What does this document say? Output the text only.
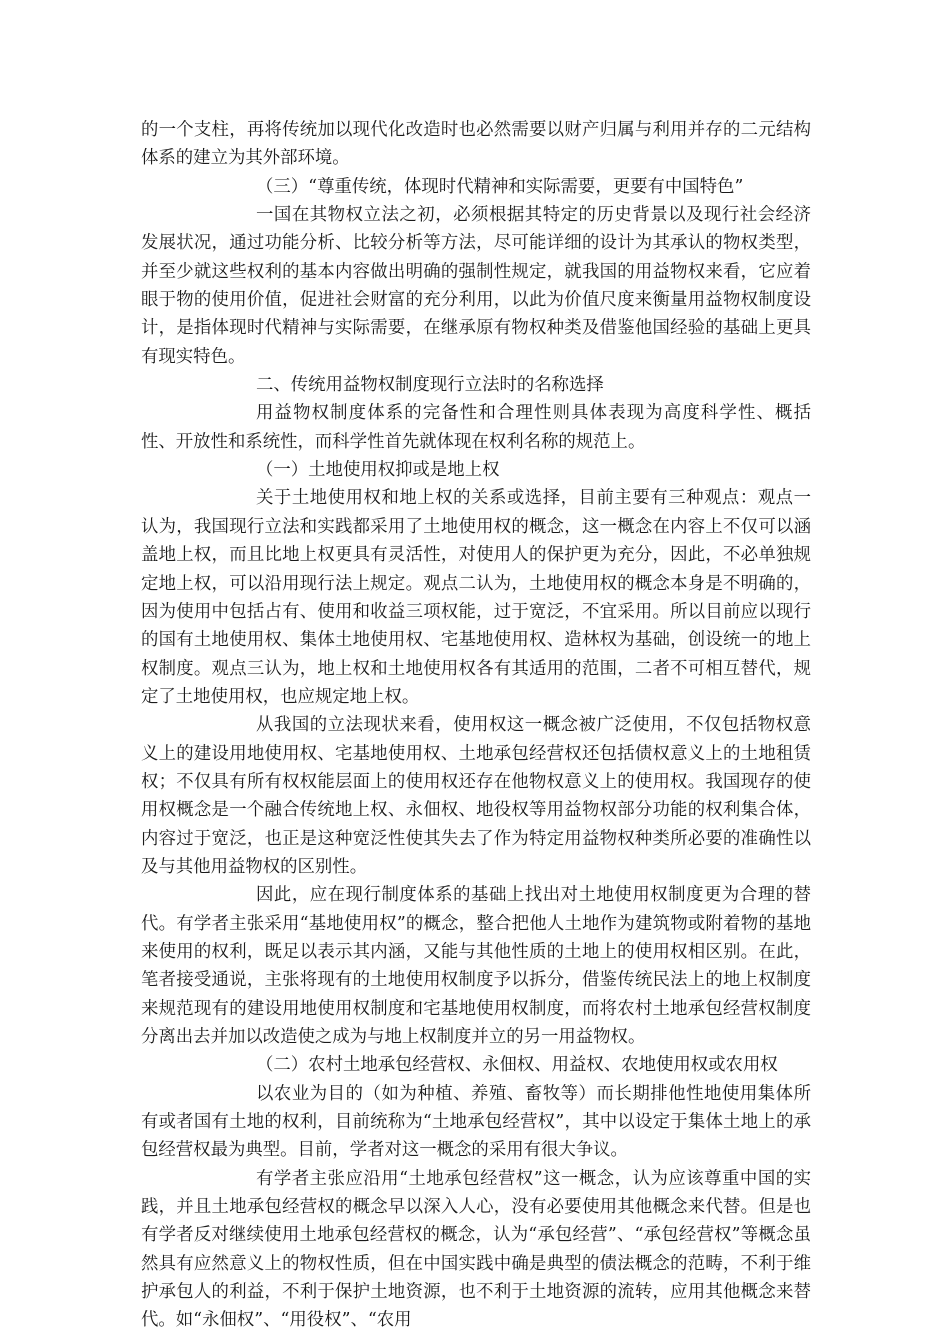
的一个支柱，再将传统加以现代化改造时也必然需要以财产归属与利用并存的二元结构体系的建立为其外部环境。

（三）“尊重传统，体现时代精神和实际需要，更要有中国特色”

一国在其物权立法之初，必须根据其特定的历史背景以及现行社会经济发展状况，通过功能分析、比较分析等方法，尽可能详细的设计为其承认的物权类型，并至少就这些权利的基本内容做出明确的强制性规定，就我国的用益物权来看，它应着眼于物的使用价值，促进社会财富的充分利用，以此为价值尺度来衡量用益物权制度设计，是指体现时代精神与实际需要，在继承原有物权种类及借鉴他国经验的基础上更具有现实特色。

二、传统用益物权制度现行立法时的名称选择

用益物权制度体系的完备性和合理性则具体表现为高度科学性、概括性、开放性和系统性，而科学性首先就体现在权利名称的规范上。

（一）土地使用权抑或是地上权

关于土地使用权和地上权的关系或选择，目前主要有三种观点：观点一认为，我国现行立法和实践都采用了土地使用权的概念，这一概念在内容上不仅可以涵盖地上权，而且比地上权更具有灵活性，对使用人的保护更为充分，因此，不必单独规定地上权，可以沿用现行法上规定。观点二认为，土地使用权的概念本身是不明确的，因为使用中包括占有、使用和收益三项权能，过于宽泛，不宜采用。所以目前应以现行的国有土地使用权、集体土地使用权、宅基地使用权、造林权为基础，创设统一的地上权制度。观点三认为，地上权和土地使用权各有其适用的范围，二者不可相互替代，规定了土地使用权，也应规定地上权。

从我国的立法现状来看，使用权这一概念被广泛使用，不仅包括物权意义上的建设用地使用权、宅基地使用权、土地承包经营权还包括债权意义上的土地租赁权；不仅具有所有权权能层面上的使用权还存在他物权意义上的使用权。我国现存的使用权概念是一个融合传统地上权、永佃权、地役权等用益物权部分功能的权利集合体，内容过于宽泛，也正是这种宽泛性使其失去了作为特定用益物权种类所必要的准确性以及与其他用益物权的区别性。

因此，应在现行制度体系的基础上找出对土地使用权制度更为合理的替代。有学者主张采用“基地使用权”的概念，整合把他人土地作为建筑物或附着物的基地来使用的权利，既足以表示其内涵，又能与其他性质的土地上的使用权相区别。在此，笔者接受通说，主张将现有的土地使用权制度予以拆分，借鉴传统民法上的地上权制度来规范现有的建设用地使用权制度和宅基地使用权制度，而将农村土地承包经营权制度分离出去并加以改造使之成为与地上权制度并立的另一用益物权。

（二）农村土地承包经营权、永佃权、用益权、农地使用权或农用权

以农业为目的（如为种植、养殖、畜牧等）而长期排他性地使用集体所有或者国有土地的权利，目前统称为“土地承包经营权”，其中以设定于集体土地上的承包经营权最为典型。目前，学者对这一概念的采用有很大争议。

有学者主张应沿用“土地承包经营权”这一概念，认为应该尊重中国的实践，并且土地承包经营权的概念早以深入人心，没有必要使用其他概念来代替。但是也有学者反对继续使用土地承包经营权的概念，认为“承包经营”、“承包经营权”等概念虽然具有应然意义上的物权性质，但在中国实践中确是典型的债法概念的范畴，不利于维护承包人的利益，不利于保护土地资源，也不利于土地资源的流转，应用其他概念来替代。如“永佃权”、“用役权”、“农用
